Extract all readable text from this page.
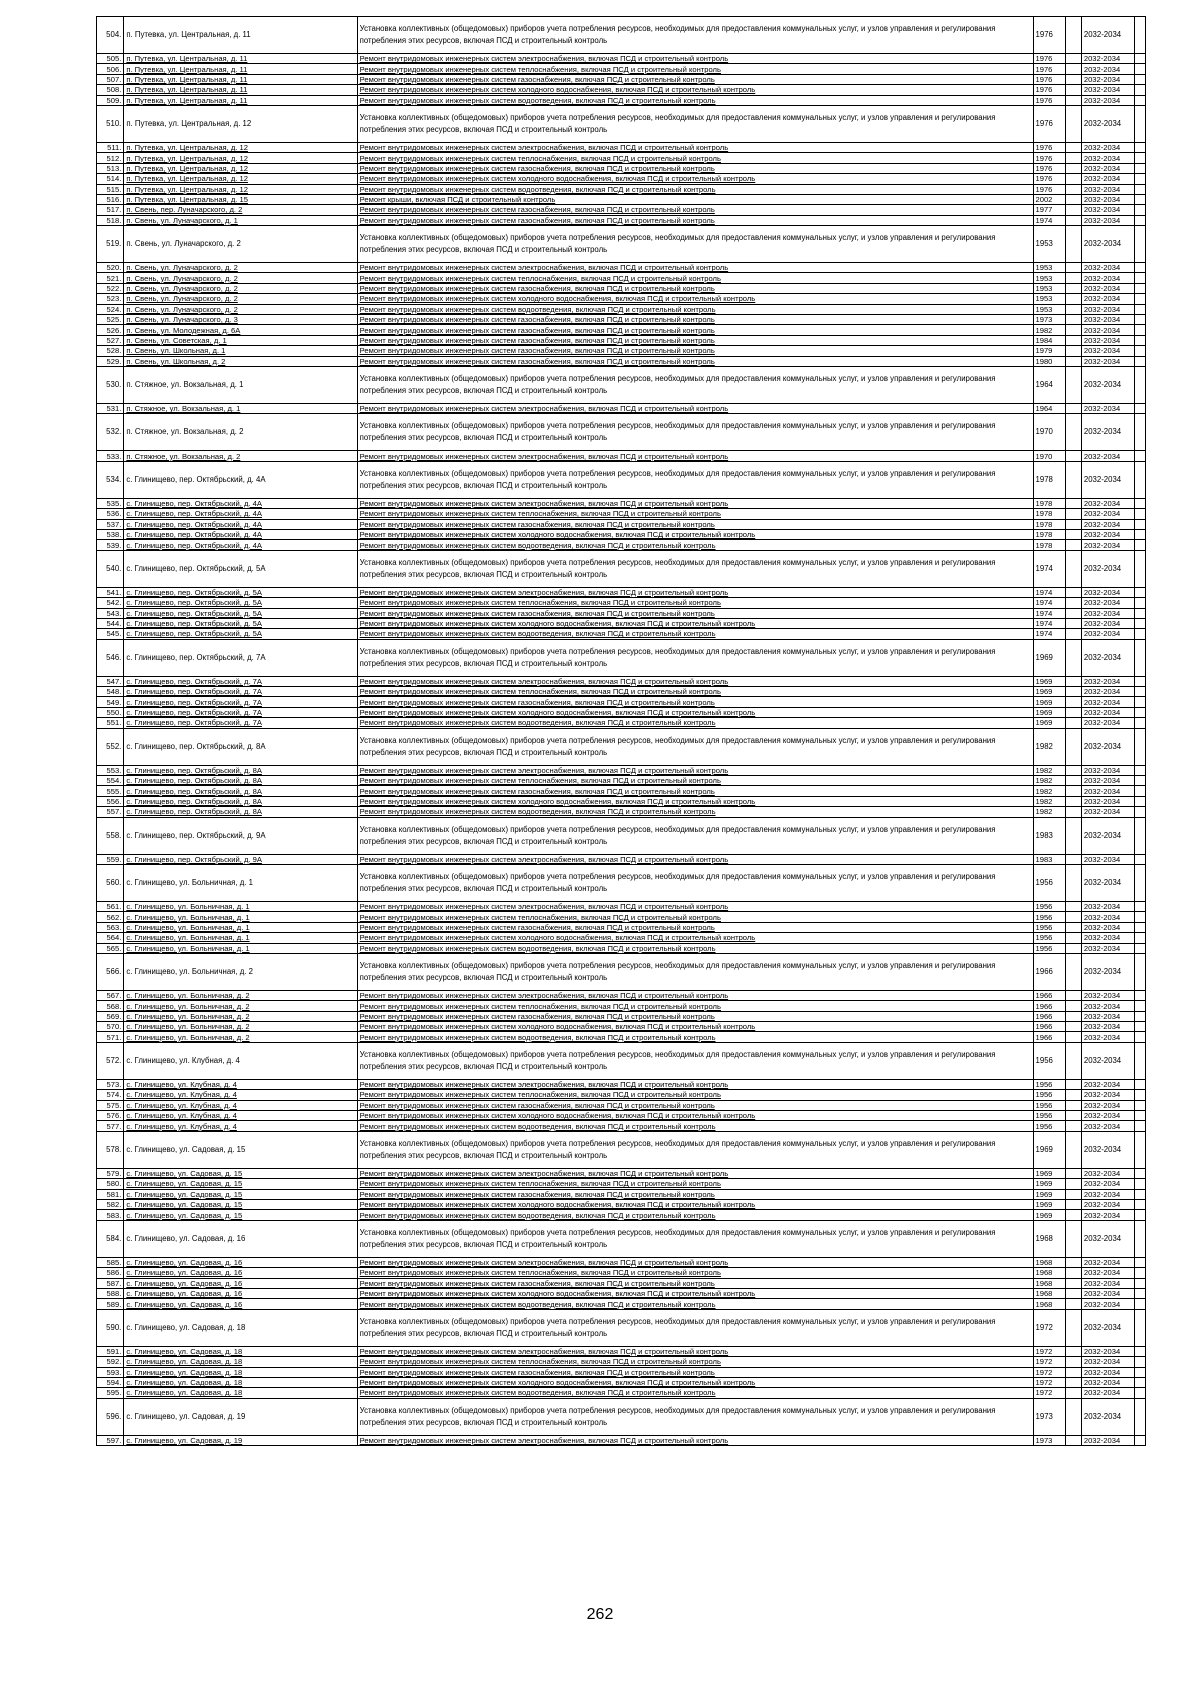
504.	п. Путевка, ул. Центральная, д. 11	Установка коллективных (общедомовых) приборов учета потребления ресурсов, необходимых для предоставления коммунальных услуг, и узлов управления и регулирования потребления этих ресурсов, включая ПСД и строительный контроль	1976		2032-2034	
505.	п. Путевка, ул. Центральная, д. 11	Ремонт внутридомовых инженерных систем электроснабжения, включая ПСД и строительный контроль	1976		2032-2034	
506.	п. Путевка, ул. Центральная, д. 11	Ремонт внутридомовых инженерных систем теплоснабжения, включая ПСД и строительный контроль	1976		2032-2034	
507.	п. Путевка, ул. Центральная, д. 11	Ремонт внутридомовых инженерных систем газоснабжения, включая ПСД и строительный контроль	1976		2032-2034	
508.	п. Путевка, ул. Центральная, д. 11	Ремонт внутридомовых инженерных систем холодного водоснабжения, включая ПСД и строительный контроль	1976		2032-2034	
509.	п. Путевка, ул. Центральная, д. 11	Ремонт внутридомовых инженерных систем водоотведения, включая ПСД и строительный контроль	1976		2032-2034	
510.	п. Путевка, ул. Центральная, д. 12	Установка коллективных (общедомовых) приборов учета потребления ресурсов, необходимых для предоставления коммунальных услуг, и узлов управления и регулирования потребления этих ресурсов, включая ПСД и строительный контроль	1976		2032-2034	
511.	п. Путевка, ул. Центральная, д. 12	Ремонт внутридомовых инженерных систем электроснабжения, включая ПСД и строительный контроль	1976		2032-2034	
512.	п. Путевка, ул. Центральная, д. 12	Ремонт внутридомовых инженерных систем теплоснабжения, включая ПСД и строительный контроль	1976		2032-2034	
513.	п. Путевка, ул. Центральная, д. 12	Ремонт внутридомовых инженерных систем газоснабжения, включая ПСД и строительный контроль	1976		2032-2034	
514.	п. Путевка, ул. Центральная, д. 12	Ремонт внутридомовых инженерных систем холодного водоснабжения, включая ПСД и строительный контроль	1976		2032-2034	
515.	п. Путевка, ул. Центральная, д. 12	Ремонт внутридомовых инженерных систем водоотведения, включая ПСД и строительный контроль	1976		2032-2034	
516.	п. Путевка, ул. Центральная, д. 15	Ремонт крыши, включая ПСД и строительный контроль	2002		2032-2034	
517.	п. Свень, пер. Луначарского, д. 2	Ремонт внутридомовых инженерных систем газоснабжения, включая ПСД и строительный контроль	1977		2032-2034	
518.	п. Свень, ул. Луначарского, д. 1	Ремонт внутридомовых инженерных систем газоснабжения, включая ПСД и строительный контроль	1974		2032-2034	
519.	п. Свень, ул. Луначарского, д. 2	Установка коллективных (общедомовых) приборов учета потребления ресурсов, необходимых для предоставления коммунальных услуг, и узлов управления и регулирования потребления этих ресурсов, включая ПСД и строительный контроль	1953		2032-2034	
520.	п. Свень, ул. Луначарского, д. 2	Ремонт внутридомовых инженерных систем электроснабжения, включая ПСД и строительный контроль	1953		2032-2034	
521.	п. Свень, ул. Луначарского, д. 2	Ремонт внутридомовых инженерных систем теплоснабжения, включая ПСД и строительный контроль	1953		2032-2034	
522.	п. Свень, ул. Луначарского, д. 2	Ремонт внутридомовых инженерных систем газоснабжения, включая ПСД и строительный контроль	1953		2032-2034	
523.	п. Свень, ул. Луначарского, д. 2	Ремонт внутридомовых инженерных систем холодного водоснабжения, включая ПСД и строительный контроль	1953		2032-2034	
524.	п. Свень, ул. Луначарского, д. 2	Ремонт внутридомовых инженерных систем водоотведения, включая ПСД и строительный контроль	1953		2032-2034	
525.	п. Свень, ул. Луначарского, д. 3	Ремонт внутридомовых инженерных систем газоснабжения, включая ПСД и строительный контроль	1973		2032-2034	
526.	п. Свень, ул. Молодежная, д. 6А	Ремонт внутридомовых инженерных систем газоснабжения, включая ПСД и строительный контроль	1982		2032-2034	
527.	п. Свень, ул. Советская, д. 1	Ремонт внутридомовых инженерных систем газоснабжения, включая ПСД и строительный контроль	1984		2032-2034	
528.	п. Свень, ул. Школьная, д. 1	Ремонт внутридомовых инженерных систем газоснабжения, включая ПСД и строительный контроль	1979		2032-2034	
529.	п. Свень, ул. Школьная, д. 2	Ремонт внутридомовых инженерных систем газоснабжения, включая ПСД и строительный контроль	1980		2032-2034	
530.	п. Стяжное, ул. Вокзальная, д. 1	Установка коллективных (общедомовых) приборов учета потребления ресурсов, необходимых для предоставления коммунальных услуг, и узлов управления и регулирования потребления этих ресурсов, включая ПСД и строительный контроль	1964		2032-2034	
531.	п. Стяжное, ул. Вокзальная, д. 1	Ремонт внутридомовых инженерных систем электроснабжения, включая ПСД и строительный контроль	1964		2032-2034	
532.	п. Стяжное, ул. Вокзальная, д. 2	Установка коллективных (общедомовых) приборов учета потребления ресурсов, необходимых для предоставления коммунальных услуг, и узлов управления и регулирования потребления этих ресурсов, включая ПСД и строительный контроль	1970		2032-2034	
533.	п. Стяжное, ул. Вокзальная, д. 2	Ремонт внутридомовых инженерных систем электроснабжения, включая ПСД и строительный контроль	1970		2032-2034	
534.	с. Глинищево, пер. Октябрьский, д. 4А	Установка коллективных (общедомовых) приборов учета потребления ресурсов, необходимых для предоставления коммунальных услуг, и узлов управления и регулирования потребления этих ресурсов, включая ПСД и строительный контроль	1978		2032-2034	
535.	с. Глинищево, пер. Октябрьский, д. 4А	Ремонт внутридомовых инженерных систем электроснабжения, включая ПСД и строительный контроль	1978		2032-2034	
536.	с. Глинищево, пер. Октябрьский, д. 4А	Ремонт внутридомовых инженерных систем теплоснабжения, включая ПСД и строительный контроль	1978		2032-2034	
537.	с. Глинищево, пер. Октябрьский, д. 4А	Ремонт внутридомовых инженерных систем газоснабжения, включая ПСД и строительный контроль	1978		2032-2034	
538.	с. Глинищево, пер. Октябрьский, д. 4А	Ремонт внутридомовых инженерных систем холодного водоснабжения, включая ПСД и строительный контроль	1978		2032-2034	
539.	с. Глинищево, пер. Октябрьский, д. 4А	Ремонт внутридомовых инженерных систем водоотведения, включая ПСД и строительный контроль	1978		2032-2034	
540.	с. Глинищево, пер. Октябрьский, д. 5А	Установка коллективных (общедомовых) приборов учета потребления ресурсов, необходимых для предоставления коммунальных услуг, и узлов управления и регулирования потребления этих ресурсов, включая ПСД и строительный контроль	1974		2032-2034	
541.	с. Глинищево, пер. Октябрьский, д. 5А	Ремонт внутридомовых инженерных систем электроснабжения, включая ПСД и строительный контроль	1974		2032-2034	
542.	с. Глинищево, пер. Октябрьский, д. 5А	Ремонт внутридомовых инженерных систем теплоснабжения, включая ПСД и строительный контроль	1974		2032-2034	
543.	с. Глинищево, пер. Октябрьский, д. 5А	Ремонт внутридомовых инженерных систем газоснабжения, включая ПСД и строительный контроль	1974		2032-2034	
544.	с. Глинищево, пер. Октябрьский, д. 5А	Ремонт внутридомовых инженерных систем холодного водоснабжения, включая ПСД и строительный контроль	1974		2032-2034	
545.	с. Глинищево, пер. Октябрьский, д. 5А	Ремонт внутридомовых инженерных систем водоотведения, включая ПСД и строительный контроль	1974		2032-2034	
546.	с. Глинищево, пер. Октябрьский, д. 7А	Установка коллективных (общедомовых) приборов учета потребления ресурсов, необходимых для предоставления коммунальных услуг, и узлов управления и регулирования потребления этих ресурсов, включая ПСД и строительный контроль	1969		2032-2034	
547.	с. Глинищево, пер. Октябрьский, д. 7А	Ремонт внутридомовых инженерных систем электроснабжения, включая ПСД и строительный контроль	1969		2032-2034	
548.	с. Глинищево, пер. Октябрьский, д. 7А	Ремонт внутридомовых инженерных систем теплоснабжения, включая ПСД и строительный контроль	1969		2032-2034	
549.	с. Глинищево, пер. Октябрьский, д. 7А	Ремонт внутридомовых инженерных систем газоснабжения, включая ПСД и строительный контроль	1969		2032-2034	
550.	с. Глинищево, пер. Октябрьский, д. 7А	Ремонт внутридомовых инженерных систем холодного водоснабжения, включая ПСД и строительный контроль	1969		2032-2034	
551.	с. Глинищево, пер. Октябрьский, д. 7А	Ремонт внутридомовых инженерных систем водоотведения, включая ПСД и строительный контроль	1969		2032-2034	
552.	с. Глинищево, пер. Октябрьский, д. 8А	Установка коллективных (общедомовых) приборов учета потребления ресурсов, необходимых для предоставления коммунальных услуг, и узлов управления и регулирования потребления этих ресурсов, включая ПСД и строительный контроль	1982		2032-2034	
553.	с. Глинищево, пер. Октябрьский, д. 8А	Ремонт внутридомовых инженерных систем электроснабжения, включая ПСД и строительный контроль	1982		2032-2034	
554.	с. Глинищево, пер. Октябрьский, д. 8А	Ремонт внутридомовых инженерных систем теплоснабжения, включая ПСД и строительный контроль	1982		2032-2034	
555.	с. Глинищево, пер. Октябрьский, д. 8А	Ремонт внутридомовых инженерных систем газоснабжения, включая ПСД и строительный контроль	1982		2032-2034	
556.	с. Глинищево, пер. Октябрьский, д. 8А	Ремонт внутридомовых инженерных систем холодного водоснабжения, включая ПСД и строительный контроль	1982		2032-2034	
557.	с. Глинищево, пер. Октябрьский, д. 8А	Ремонт внутридомовых инженерных систем водоотведения, включая ПСД и строительный контроль	1982		2032-2034	
558.	с. Глинищево, пер. Октябрьский, д. 9А	Установка коллективных (общедомовых) приборов учета потребления ресурсов, необходимых для предоставления коммунальных услуг, и узлов управления и регулирования потребления этих ресурсов, включая ПСД и строительный контроль	1983		2032-2034	
559.	с. Глинищево, пер. Октябрьский, д. 9А	Ремонт внутридомовых инженерных систем электроснабжения, включая ПСД и строительный контроль	1983		2032-2034	
560.	с. Глинищево, ул. Больничная, д. 1	Установка коллективных (общедомовых) приборов учета потребления ресурсов, необходимых для предоставления коммунальных услуг, и узлов управления и регулирования потребления этих ресурсов, включая ПСД и строительный контроль	1956		2032-2034	
561.	с. Глинищево, ул. Больничная, д. 1	Ремонт внутридомовых инженерных систем электроснабжения, включая ПСД и строительный контроль	1956		2032-2034	
562.	с. Глинищево, ул. Больничная, д. 1	Ремонт внутридомовых инженерных систем теплоснабжения, включая ПСД и строительный контроль	1956		2032-2034	
563.	с. Глинищево, ул. Больничная, д. 1	Ремонт внутридомовых инженерных систем газоснабжения, включая ПСД и строительный контроль	1956		2032-2034	
564.	с. Глинищево, ул. Больничная, д. 1	Ремонт внутридомовых инженерных систем холодного водоснабжения, включая ПСД и строительный контроль	1956		2032-2034	
565.	с. Глинищево, ул. Больничная, д. 1	Ремонт внутридомовых инженерных систем водоотведения, включая ПСД и строительный контроль	1956		2032-2034	
566.	с. Глинищево, ул. Больничная, д. 2	Установка коллективных (общедомовых) приборов учета потребления ресурсов, необходимых для предоставления коммунальных услуг, и узлов управления и регулирования потребления этих ресурсов, включая ПСД и строительный контроль	1966		2032-2034	
567.	с. Глинищево, ул. Больничная, д. 2	Ремонт внутридомовых инженерных систем электроснабжения, включая ПСД и строительный контроль	1966		2032-2034	
568.	с. Глинищево, ул. Больничная, д. 2	Ремонт внутридомовых инженерных систем теплоснабжения, включая ПСД и строительный контроль	1966		2032-2034	
569.	с. Глинищево, ул. Больничная, д. 2	Ремонт внутридомовых инженерных систем газоснабжения, включая ПСД и строительный контроль	1966		2032-2034	
570.	с. Глинищево, ул. Больничная, д. 2	Ремонт внутридомовых инженерных систем холодного водоснабжения, включая ПСД и строительный контроль	1966		2032-2034	
571.	с. Глинищево, ул. Больничная, д. 2	Ремонт внутридомовых инженерных систем водоотведения, включая ПСД и строительный контроль	1966		2032-2034	
572.	с. Глинищево, ул. Клубная, д. 4	Установка коллективных (общедомовых) приборов учета потребления ресурсов, необходимых для предоставления коммунальных услуг, и узлов управления и регулирования потребления этих ресурсов, включая ПСД и строительный контроль	1956		2032-2034	
573.	с. Глинищево, ул. Клубная, д. 4	Ремонт внутридомовых инженерных систем электроснабжения, включая ПСД и строительный контроль	1956		2032-2034	
574.	с. Глинищево, ул. Клубная, д. 4	Ремонт внутридомовых инженерных систем теплоснабжения, включая ПСД и строительный контроль	1956		2032-2034	
575.	с. Глинищево, ул. Клубная, д. 4	Ремонт внутридомовых инженерных систем газоснабжения, включая ПСД и строительный контроль	1956		2032-2034	
576.	с. Глинищево, ул. Клубная, д. 4	Ремонт внутридомовых инженерных систем холодного водоснабжения, включая ПСД и строительный контроль	1956		2032-2034	
577.	с. Глинищево, ул. Клубная, д. 4	Ремонт внутридомовых инженерных систем водоотведения, включая ПСД и строительный контроль	1956		2032-2034	
578.	с. Глинищево, ул. Садовая, д. 15	Установка коллективных (общедомовых) приборов учета потребления ресурсов, необходимых для предоставления коммунальных услуг, и узлов управления и регулирования потребления этих ресурсов, включая ПСД и строительный контроль	1969		2032-2034	
579.	с. Глинищево, ул. Садовая, д. 15	Ремонт внутридомовых инженерных систем электроснабжения, включая ПСД и строительный контроль	1969		2032-2034	
580.	с. Глинищево, ул. Садовая, д. 15	Ремонт внутридомовых инженерных систем теплоснабжения, включая ПСД и строительный контроль	1969		2032-2034	
581.	с. Глинищево, ул. Садовая, д. 15	Ремонт внутридомовых инженерных систем газоснабжения, включая ПСД и строительный контроль	1969		2032-2034	
582.	с. Глинищево, ул. Садовая, д. 15	Ремонт внутридомовых инженерных систем холодного водоснабжения, включая ПСД и строительный контроль	1969		2032-2034	
583.	с. Глинищево, ул. Садовая, д. 15	Ремонт внутридомовых инженерных систем водоотведения, включая ПСД и строительный контроль	1969		2032-2034	
584.	с. Глинищево, ул. Садовая, д. 16	Установка коллективных (общедомовых) приборов учета потребления ресурсов, необходимых для предоставления коммунальных услуг, и узлов управления и регулирования потребления этих ресурсов, включая ПСД и строительный контроль	1968		2032-2034	
585.	с. Глинищево, ул. Садовая, д. 16	Ремонт внутридомовых инженерных систем электроснабжения, включая ПСД и строительный контроль	1968		2032-2034	
586.	с. Глинищево, ул. Садовая, д. 16	Ремонт внутридомовых инженерных систем теплоснабжения, включая ПСД и строительный контроль	1968		2032-2034	
587.	с. Глинищево, ул. Садовая, д. 16	Ремонт внутридомовых инженерных систем газоснабжения, включая ПСД и строительный контроль	1968		2032-2034	
588.	с. Глинищево, ул. Садовая, д. 16	Ремонт внутридомовых инженерных систем холодного водоснабжения, включая ПСД и строительный контроль	1968		2032-2034	
589.	с. Глинищево, ул. Садовая, д. 16	Ремонт внутридомовых инженерных систем водоотведения, включая ПСД и строительный контроль	1968		2032-2034	
590.	с. Глинищево, ул. Садовая, д. 18	Установка коллективных (общедомовых) приборов учета потребления ресурсов, необходимых для предоставления коммунальных услуг, и узлов управления и регулирования потребления этих ресурсов, включая ПСД и строительный контроль	1972		2032-2034	
591.	с. Глинищево, ул. Садовая, д. 18	Ремонт внутридомовых инженерных систем электроснабжения, включая ПСД и строительный контроль	1972		2032-2034	
592.	с. Глинищево, ул. Садовая, д. 18	Ремонт внутридомовых инженерных систем теплоснабжения, включая ПСД и строительный контроль	1972		2032-2034	
593.	с. Глинищево, ул. Садовая, д. 18	Ремонт внутридомовых инженерных систем газоснабжения, включая ПСД и строительный контроль	1972		2032-2034	
594.	с. Глинищево, ул. Садовая, д. 18	Ремонт внутридомовых инженерных систем холодного водоснабжения, включая ПСД и строительный контроль	1972		2032-2034	
595.	с. Глинищево, ул. Садовая, д. 18	Ремонт внутридомовых инженерных систем водоотведения, включая ПСД и строительный контроль	1972		2032-2034	
596.	с. Глинищево, ул. Садовая, д. 19	Установка коллективных (общедомовых) приборов учета потребления ресурсов, необходимых для предоставления коммунальных услуг, и узлов управления и регулирования потребления этих ресурсов, включая ПСД и строительный контроль	1973		2032-2034	
597.	с. Глинищево, ул. Садовая, д. 19	Ремонт внутридомовых инженерных систем электроснабжения, включая ПСД и строительный контроль	1973		2032-2034	
262
